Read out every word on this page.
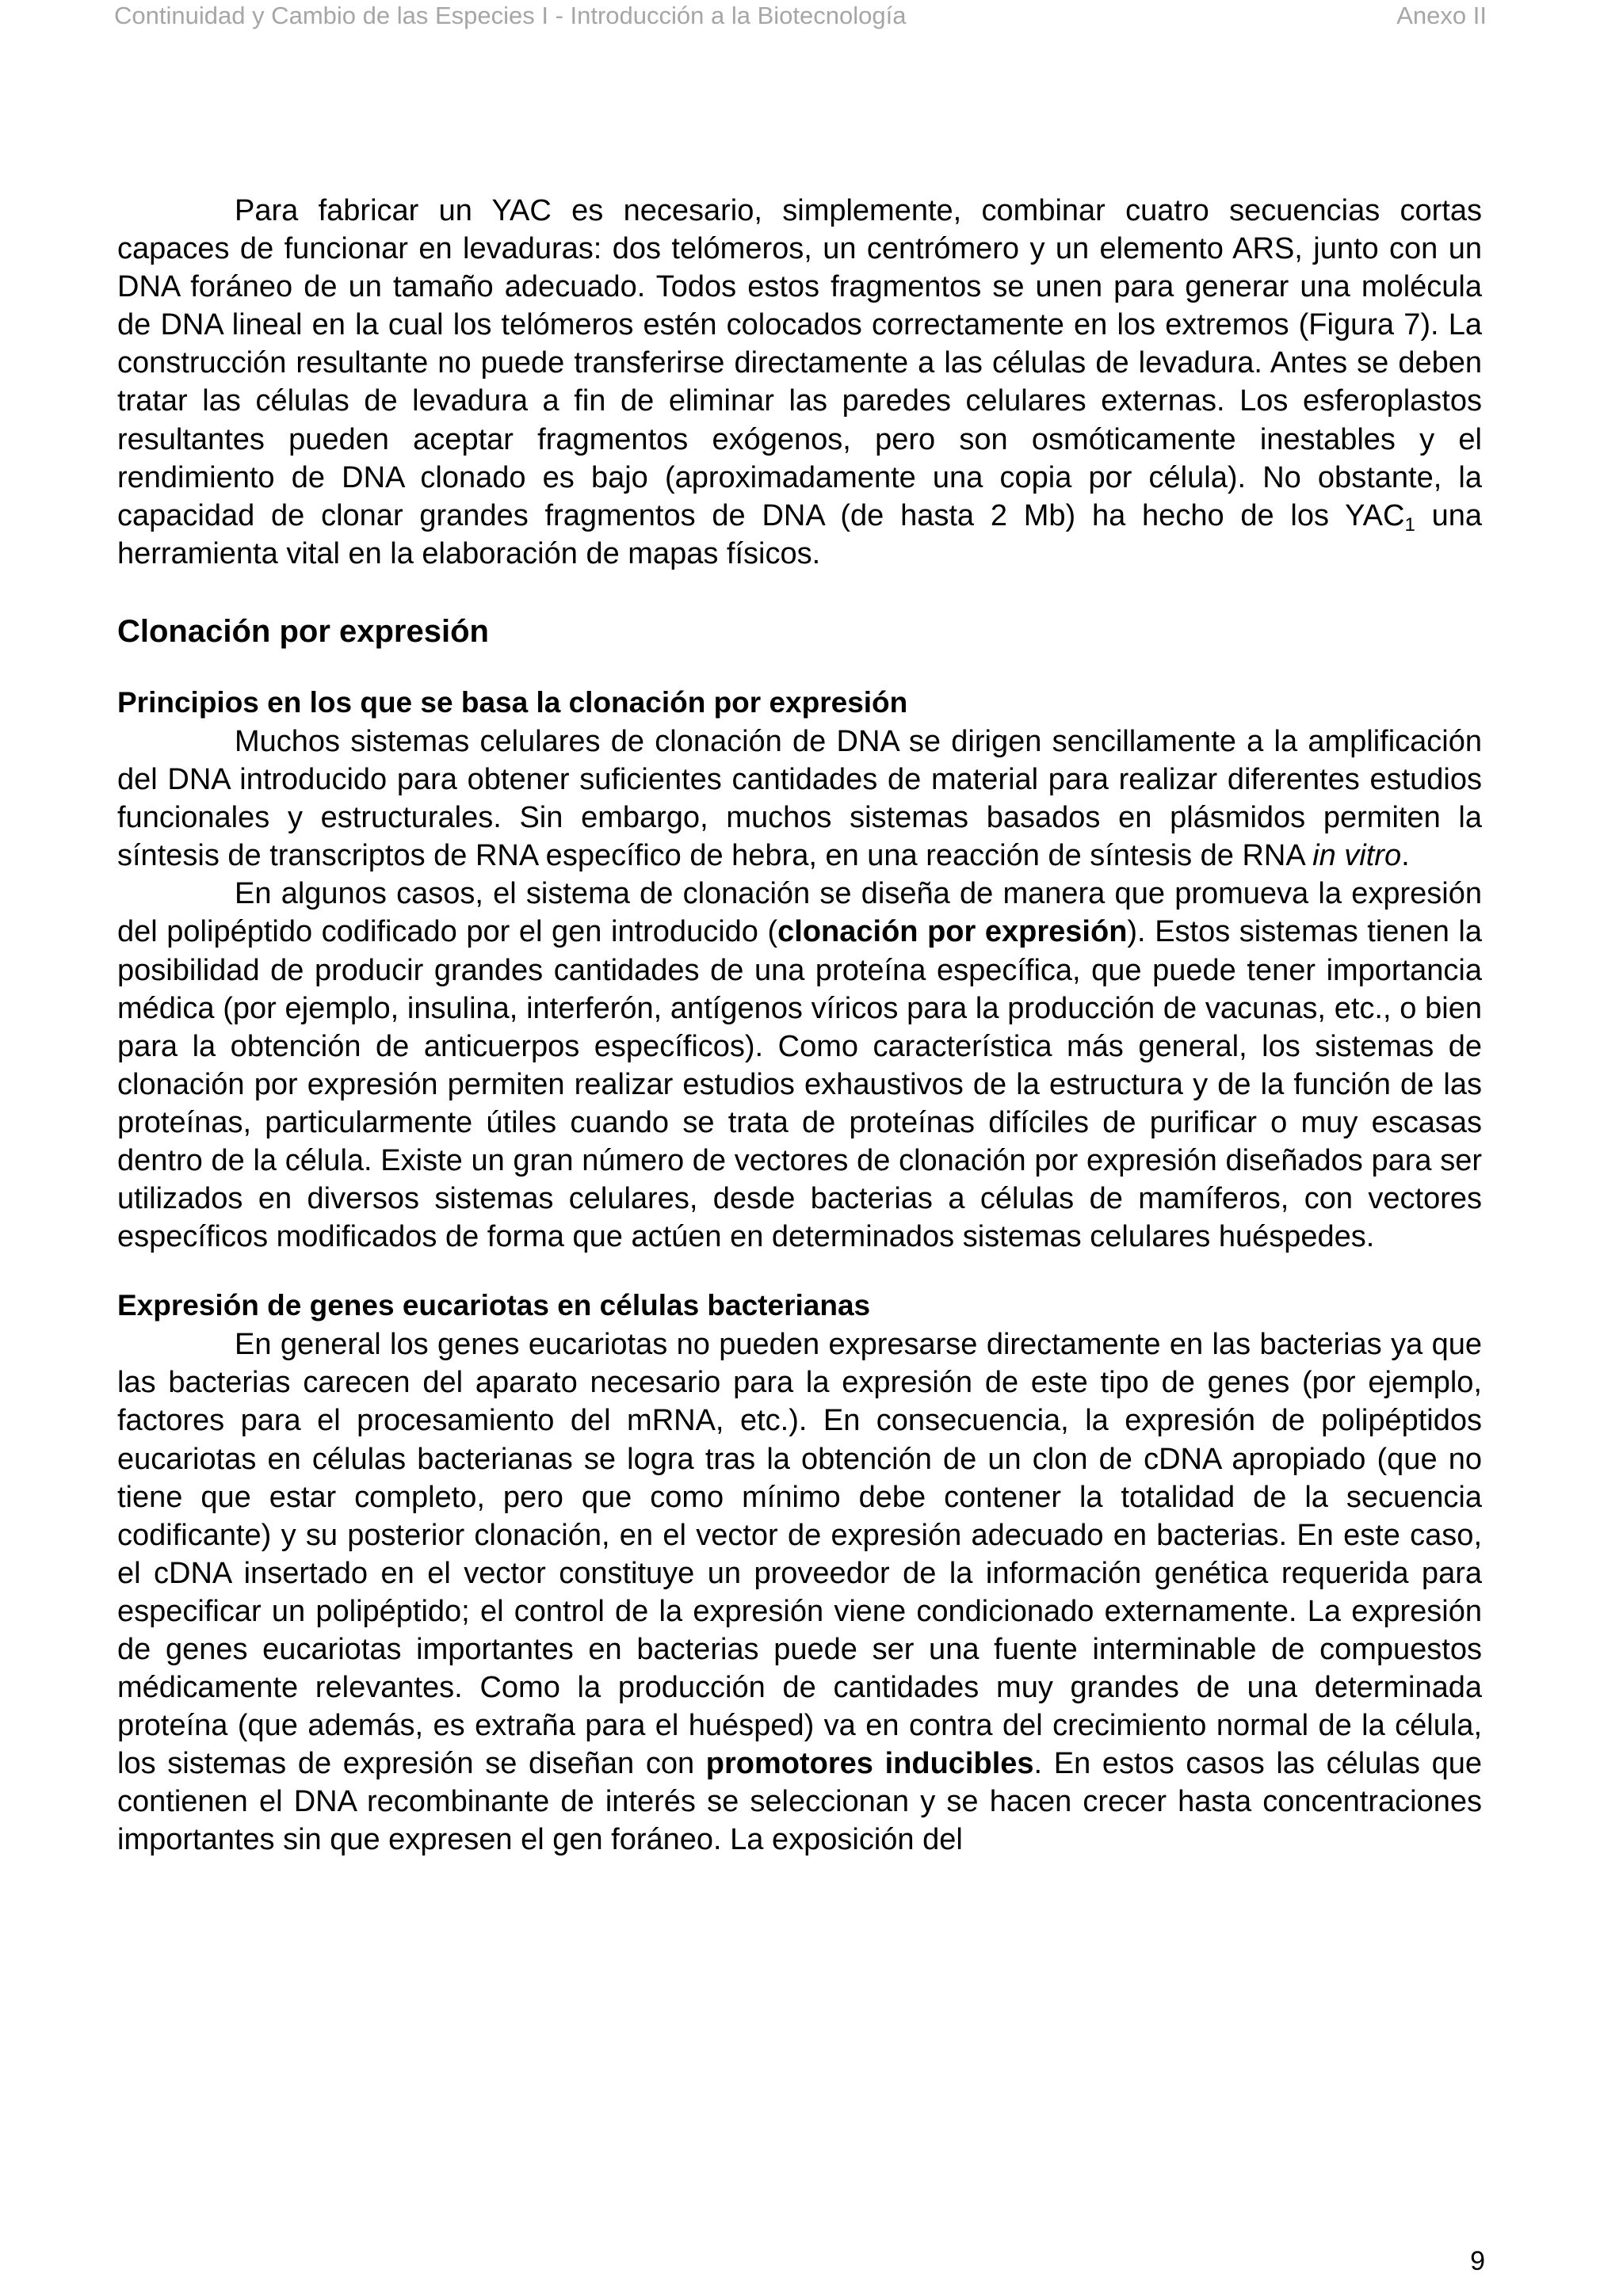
Continuidad y Cambio de las Especies I - Introducción a la Biotecnología	Anexo II

Para fabricar un YAC es necesario, simplemente, combinar cuatro secuencias cortas capaces de funcionar en levaduras: dos telómeros, un centrómero y un elemento ARS, junto con un DNA foráneo de un tamaño adecuado. Todos estos fragmentos se unen para generar una molécula de DNA lineal en la cual los telómeros estén colocados correctamente en los extremos (Figura 7). La construcción resultante no puede transferirse directamente a las células de levadura. Antes se deben tratar las células de levadura a fin de eliminar las paredes celulares externas. Los esferoplastos resultantes pueden aceptar fragmentos exógenos, pero son osmóticamente inestables y el rendimiento de DNA clonado es bajo (aproximadamente una copia por célula). No obstante, la capacidad de clonar grandes fragmentos de DNA (de hasta 2 Mb) ha hecho de los $YAC_1$ una herramienta vital en la elaboración de mapas físicos.

Clonación por expresión
Principios en los que se basa la clonación por expresión

Muchos sistemas celulares de clonación de DNA se dirigen sencillamente a la amplificación del DNA introducido para obtener suficientes cantidades de material para realizar diferentes estudios funcionales y estructurales. Sin embargo, muchos sistemas basados en plásmidos permiten la síntesis de transcriptos de RNA específico de hebra, en una reacción de síntesis de RNA in vitro.

En algunos casos, el sistema de clonación se diseña de manera que promueva la expresión del polipéptido codificado por el gen introducido (clonación por expresión). Estos sistemas tienen la posibilidad de producir grandes cantidades de una proteína específica, que puede tener importancia médica (por ejemplo, insulina, interferón, antígenos víricos para la producción de vacunas, etc., o bien para la obtención de anticuerpos específicos). Como característica más general, los sistemas de clonación por expresión permiten realizar estudios exhaustivos de la estructura y de la función de las proteínas, particularmente útiles cuando se trata de proteínas difíciles de purificar o muy escasas dentro de la célula. Existe un gran número de vectores de clonación por expresión diseñados para ser utilizados en diversos sistemas celulares, desde bacterias a células de mamíferos, con vectores específicos modificados de forma que actúen en determinados sistemas celulares huéspedes.

Expresión de genes eucariotas en células bacterianas

En general los genes eucariotas no pueden expresarse directamente en las bacterias ya que las bacterias carecen del aparato necesario para la expresión de este tipo de genes (por ejemplo, factores para el procesamiento del mRNA, etc.). En consecuencia, la expresión de polipéptidos eucariotas en células bacterianas se logra tras la obtención de un clon de cDNA apropiado (que no tiene que estar completo, pero que como mínimo debe contener la totalidad de la secuencia codificante) y su posterior clonación, en el vector de expresión adecuado en bacterias. En este caso, el cDNA insertado en el vector constituye un proveedor de la información genética requerida para especificar un polipéptido; el control de la expresión viene condicionado externamente. La expresión de genes eucariotas importantes en bacterias puede ser una fuente interminable de compuestos médicamente relevantes. Como la producción de cantidades muy grandes de una determinada proteína (que además, es extraña para el huésped) va en contra del crecimiento normal de la célula, los sistemas de expresión se diseñan con promotores inducibles. En estos casos las células que contienen el DNA recombinante de interés se seleccionan y se hacen crecer hasta concentraciones importantes sin que expresen el gen foráneo. La exposición del

9
